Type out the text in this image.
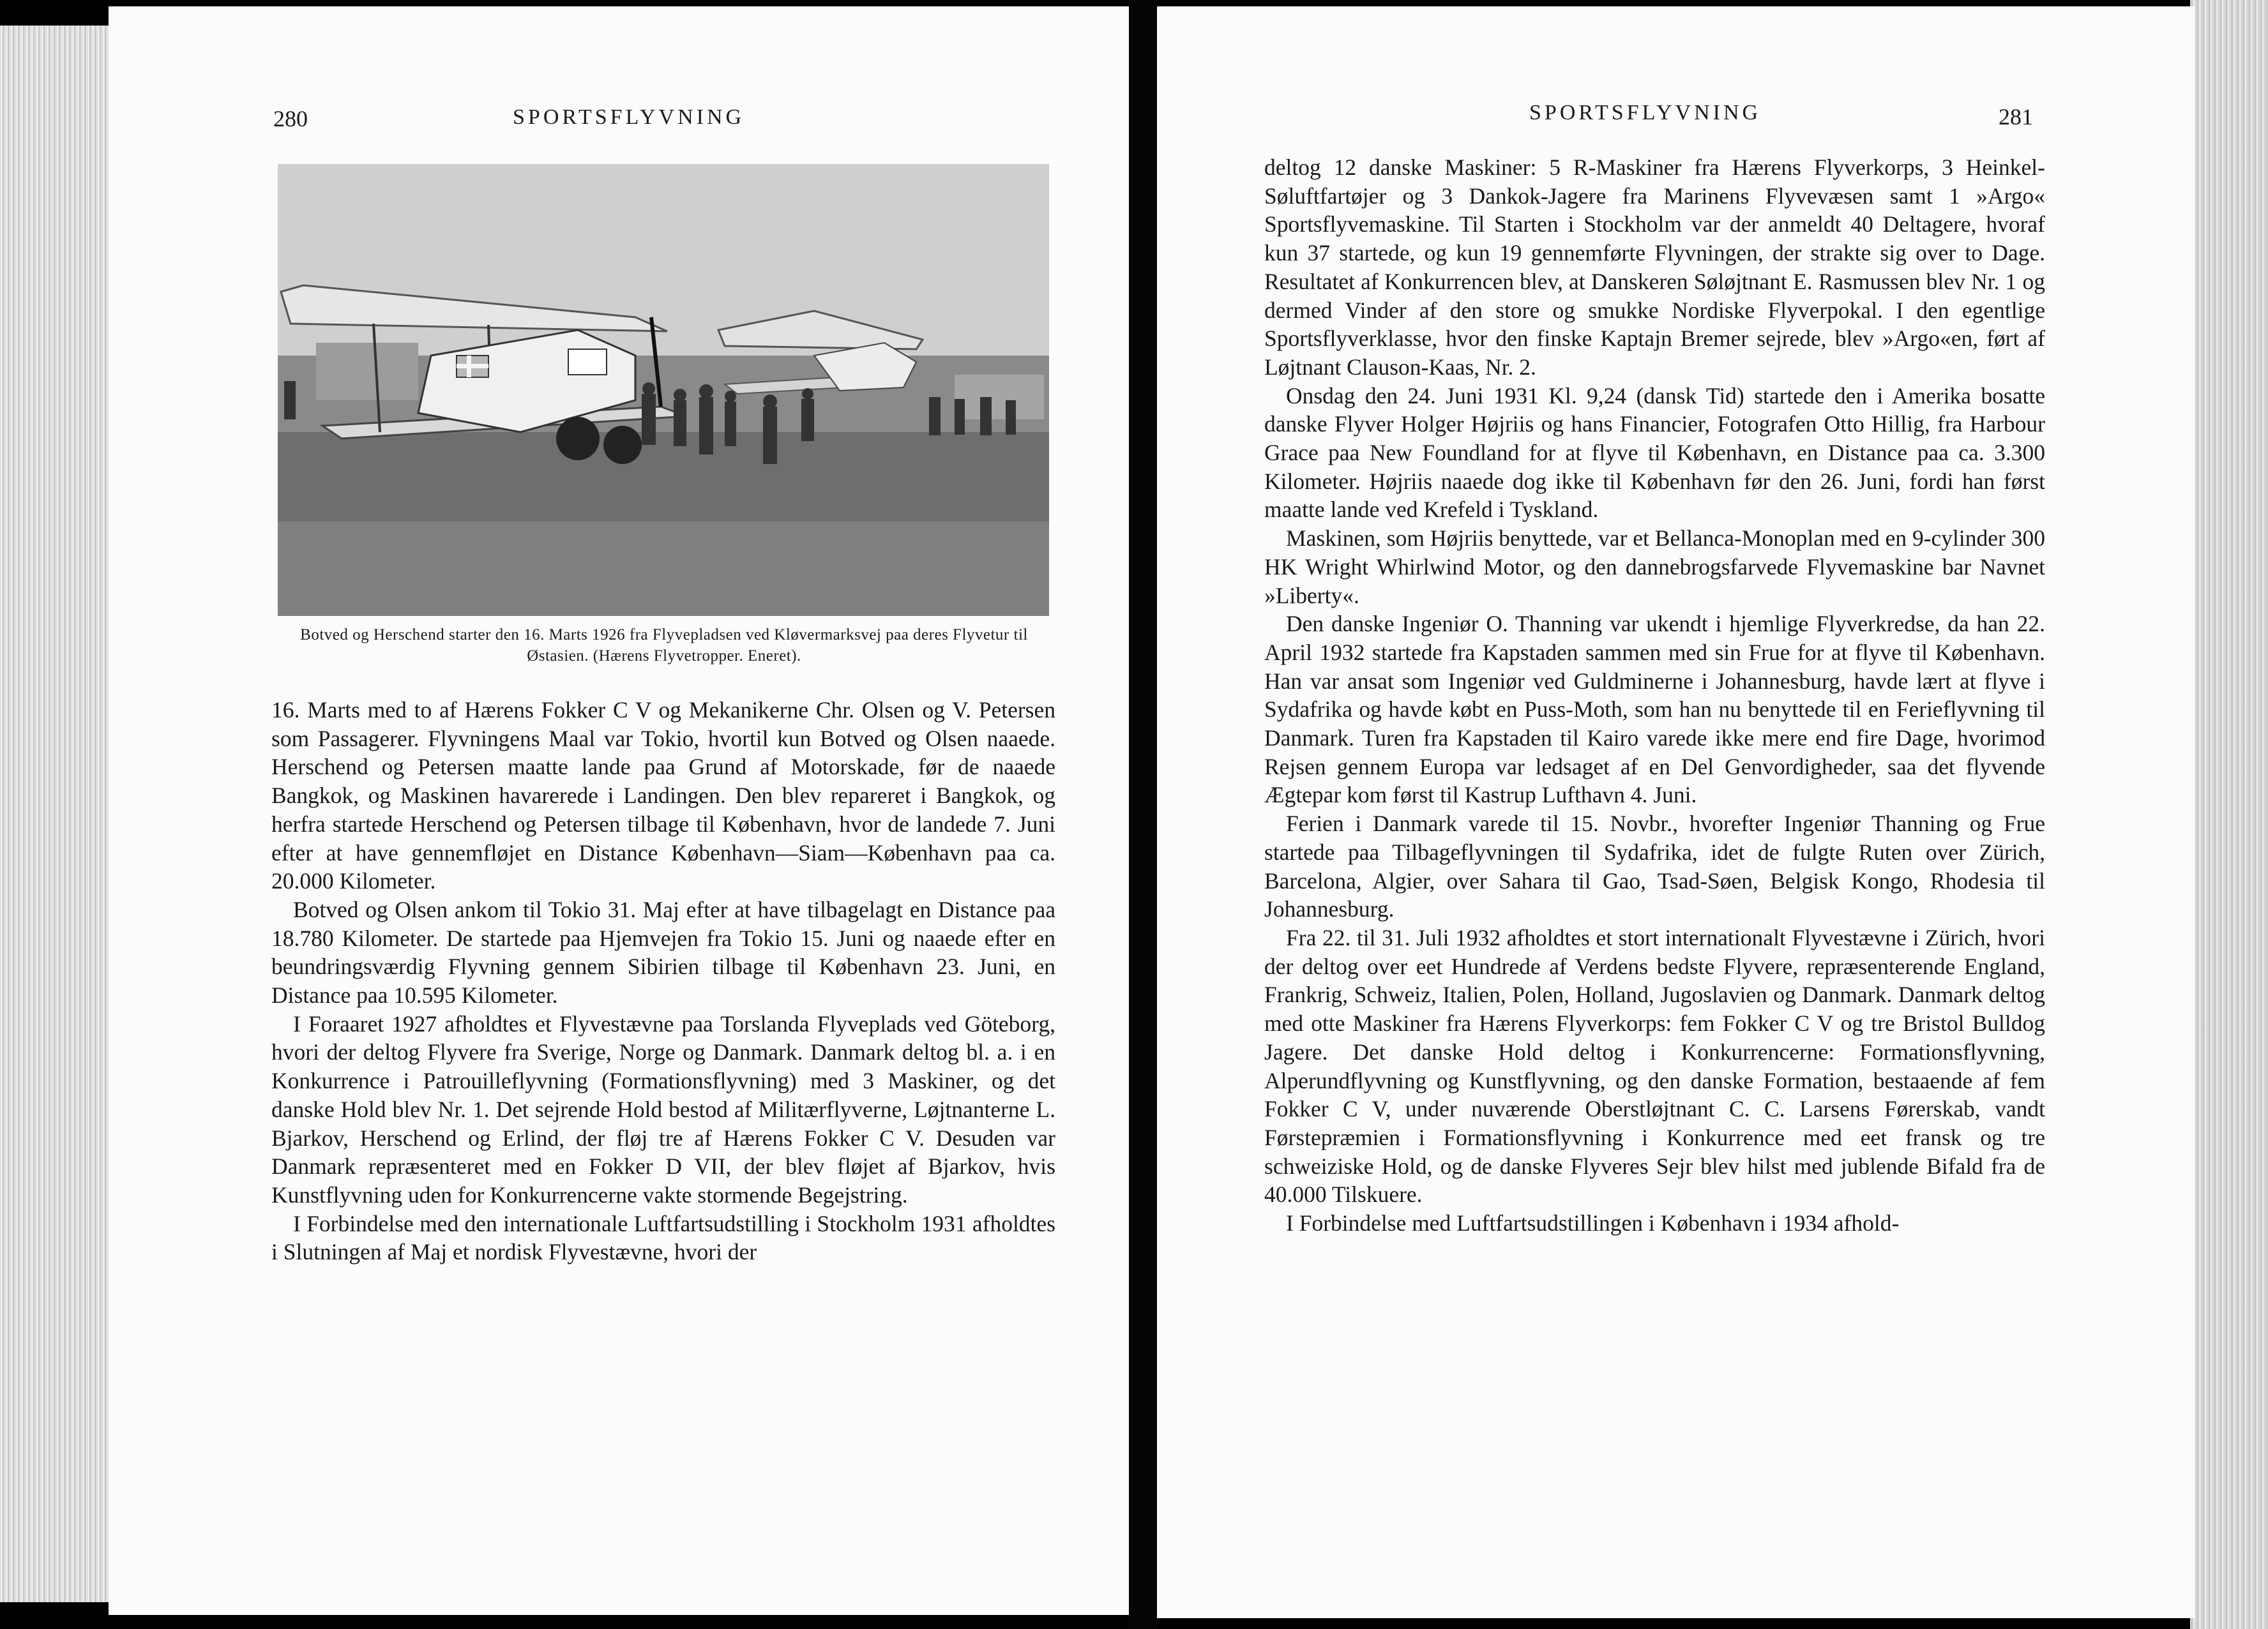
280	SPORTSFLYVNING
Botved og Herschend starter den 16. Marts 1926 fra Flyvepladsen ved Kløvermarksvej paa deres Flyvetur til Østasien. (Hærens Flyvetropper. Eneret).

16. Marts med to af Hærens Fokker C V og Mekanikerne Chr. Olsen og V. Petersen som Passagerer. Flyvningens Maal var Tokio, hvortil kun Botved og Olsen naaede. Herschend og Petersen maatte lande paa Grund af Motorskade, før de naaede Bangkok, og Maskinen havarerede i Landingen. Den blev repareret i Bangkok, og herfra startede Herschend og Petersen tilbage til København, hvor de landede 7. Juni efter at have gennemfløjet en Distance København—Siam—København paa ca. 20.000 Kilometer.

Botved og Olsen ankom til Tokio 31. Maj efter at have tilbagelagt en Distance paa 18.780 Kilometer. De startede paa Hjemvejen fra Tokio 15. Juni og naaede efter en beundringsværdig Flyvning gennem Sibirien tilbage til København 23. Juni, en Distance paa 10.595 Kilometer.

I Foraaret 1927 afholdtes et Flyvestævne paa Torslanda Flyveplads ved Göteborg, hvori der deltog Flyvere fra Sverige, Norge og Danmark. Danmark deltog bl. a. i en Konkurrence i Patrouilleflyvning (Formationsflyvning) med 3 Maskiner, og det danske Hold blev Nr. 1. Det sejrende Hold bestod af Militærflyverne, Løjtnanterne L. Bjarkov, Herschend og Erlind, der fløj tre af Hærens Fokker C V. Desuden var Danmark repræsenteret med en Fokker D VII, der blev fløjet af Bjarkov, hvis Kunstflyvning uden for Konkurrencerne vakte stormende Begejstring.

I Forbindelse med den internationale Luftfartsudstilling i Stockholm 1931 afholdtes i Slutningen af Maj et nordisk Flyvestævne, hvori der

SPORTSFLYVNING	281

deltog 12 danske Maskiner: 5 R-Maskiner fra Hærens Flyverkorps, 3 Heinkel-Søluftfartøjer og 3 Dankok-Jagere fra Marinens Flyvevæsen samt 1 »Argo« Sportsflyvemaskine. Til Starten i Stockholm var der anmeldt 40 Deltagere, hvoraf kun 37 startede, og kun 19 gennemførte Flyvningen, der strakte sig over to Dage. Resultatet af Konkurrencen blev, at Danskeren Søløjtnant E. Rasmussen blev Nr. 1 og dermed Vinder af den store og smukke Nordiske Flyverpokal. I den egentlige Sportsflyverklasse, hvor den finske Kaptajn Bremer sejrede, blev »Argo«en, ført af Løjtnant Clauson-Kaas, Nr. 2.

Onsdag den 24. Juni 1931 Kl. 9,24 (dansk Tid) startede den i Amerika bosatte danske Flyver Holger Højriis og hans Financier, Fotografen Otto Hillig, fra Harbour Grace paa New Foundland for at flyve til København, en Distance paa ca. 3.300 Kilometer. Højriis naaede dog ikke til København før den 26. Juni, fordi han først maatte lande ved Krefeld i Tyskland.

Maskinen, som Højriis benyttede, var et Bellanca-Monoplan med en 9-cylinder 300 HK Wright Whirlwind Motor, og den dannebrogsfarvede Flyvemaskine bar Navnet »Liberty«.

Den danske Ingeniør O. Thanning var ukendt i hjemlige Flyverkredse, da han 22. April 1932 startede fra Kapstaden sammen med sin Frue for at flyve til København. Han var ansat som Ingeniør ved Guldminerne i Johannesburg, havde lært at flyve i Sydafrika og havde købt en Puss-Moth, som han nu benyttede til en Ferieflyvning til Danmark. Turen fra Kapstaden til Kairo varede ikke mere end fire Dage, hvorimod Rejsen gennem Europa var ledsaget af en Del Genvordigheder, saa det flyvende Ægtepar kom først til Kastrup Lufthavn 4. Juni.

Ferien i Danmark varede til 15. Novbr., hvorefter Ingeniør Thanning og Frue startede paa Tilbageflyvningen til Sydafrika, idet de fulgte Ruten over Zürich, Barcelona, Algier, over Sahara til Gao, Tsad-Søen, Belgisk Kongo, Rhodesia til Johannesburg.

Fra 22. til 31. Juli 1932 afholdtes et stort internationalt Flyvestævne i Zürich, hvori der deltog over eet Hundrede af Verdens bedste Flyvere, repræsenterende England, Frankrig, Schweiz, Italien, Polen, Holland, Jugoslavien og Danmark. Danmark deltog med otte Maskiner fra Hærens Flyverkorps: fem Fokker C V og tre Bristol Bulldog Jagere. Det danske Hold deltog i Konkurrencerne: Formationsflyvning, Alperundflyvning og Kunstflyvning, og den danske Formation, bestaaende af fem Fokker C V, under nuværende Oberstløjtnant C. C. Larsens Førerskab, vandt Førstepræmien i Formationsflyvning i Konkurrence med eet fransk og tre schweiziske Hold, og de danske Flyveres Sejr blev hilst med jublende Bifald fra de 40.000 Tilskuere.

I Forbindelse med Luftfartsudstillingen i København i 1934 afhold-
